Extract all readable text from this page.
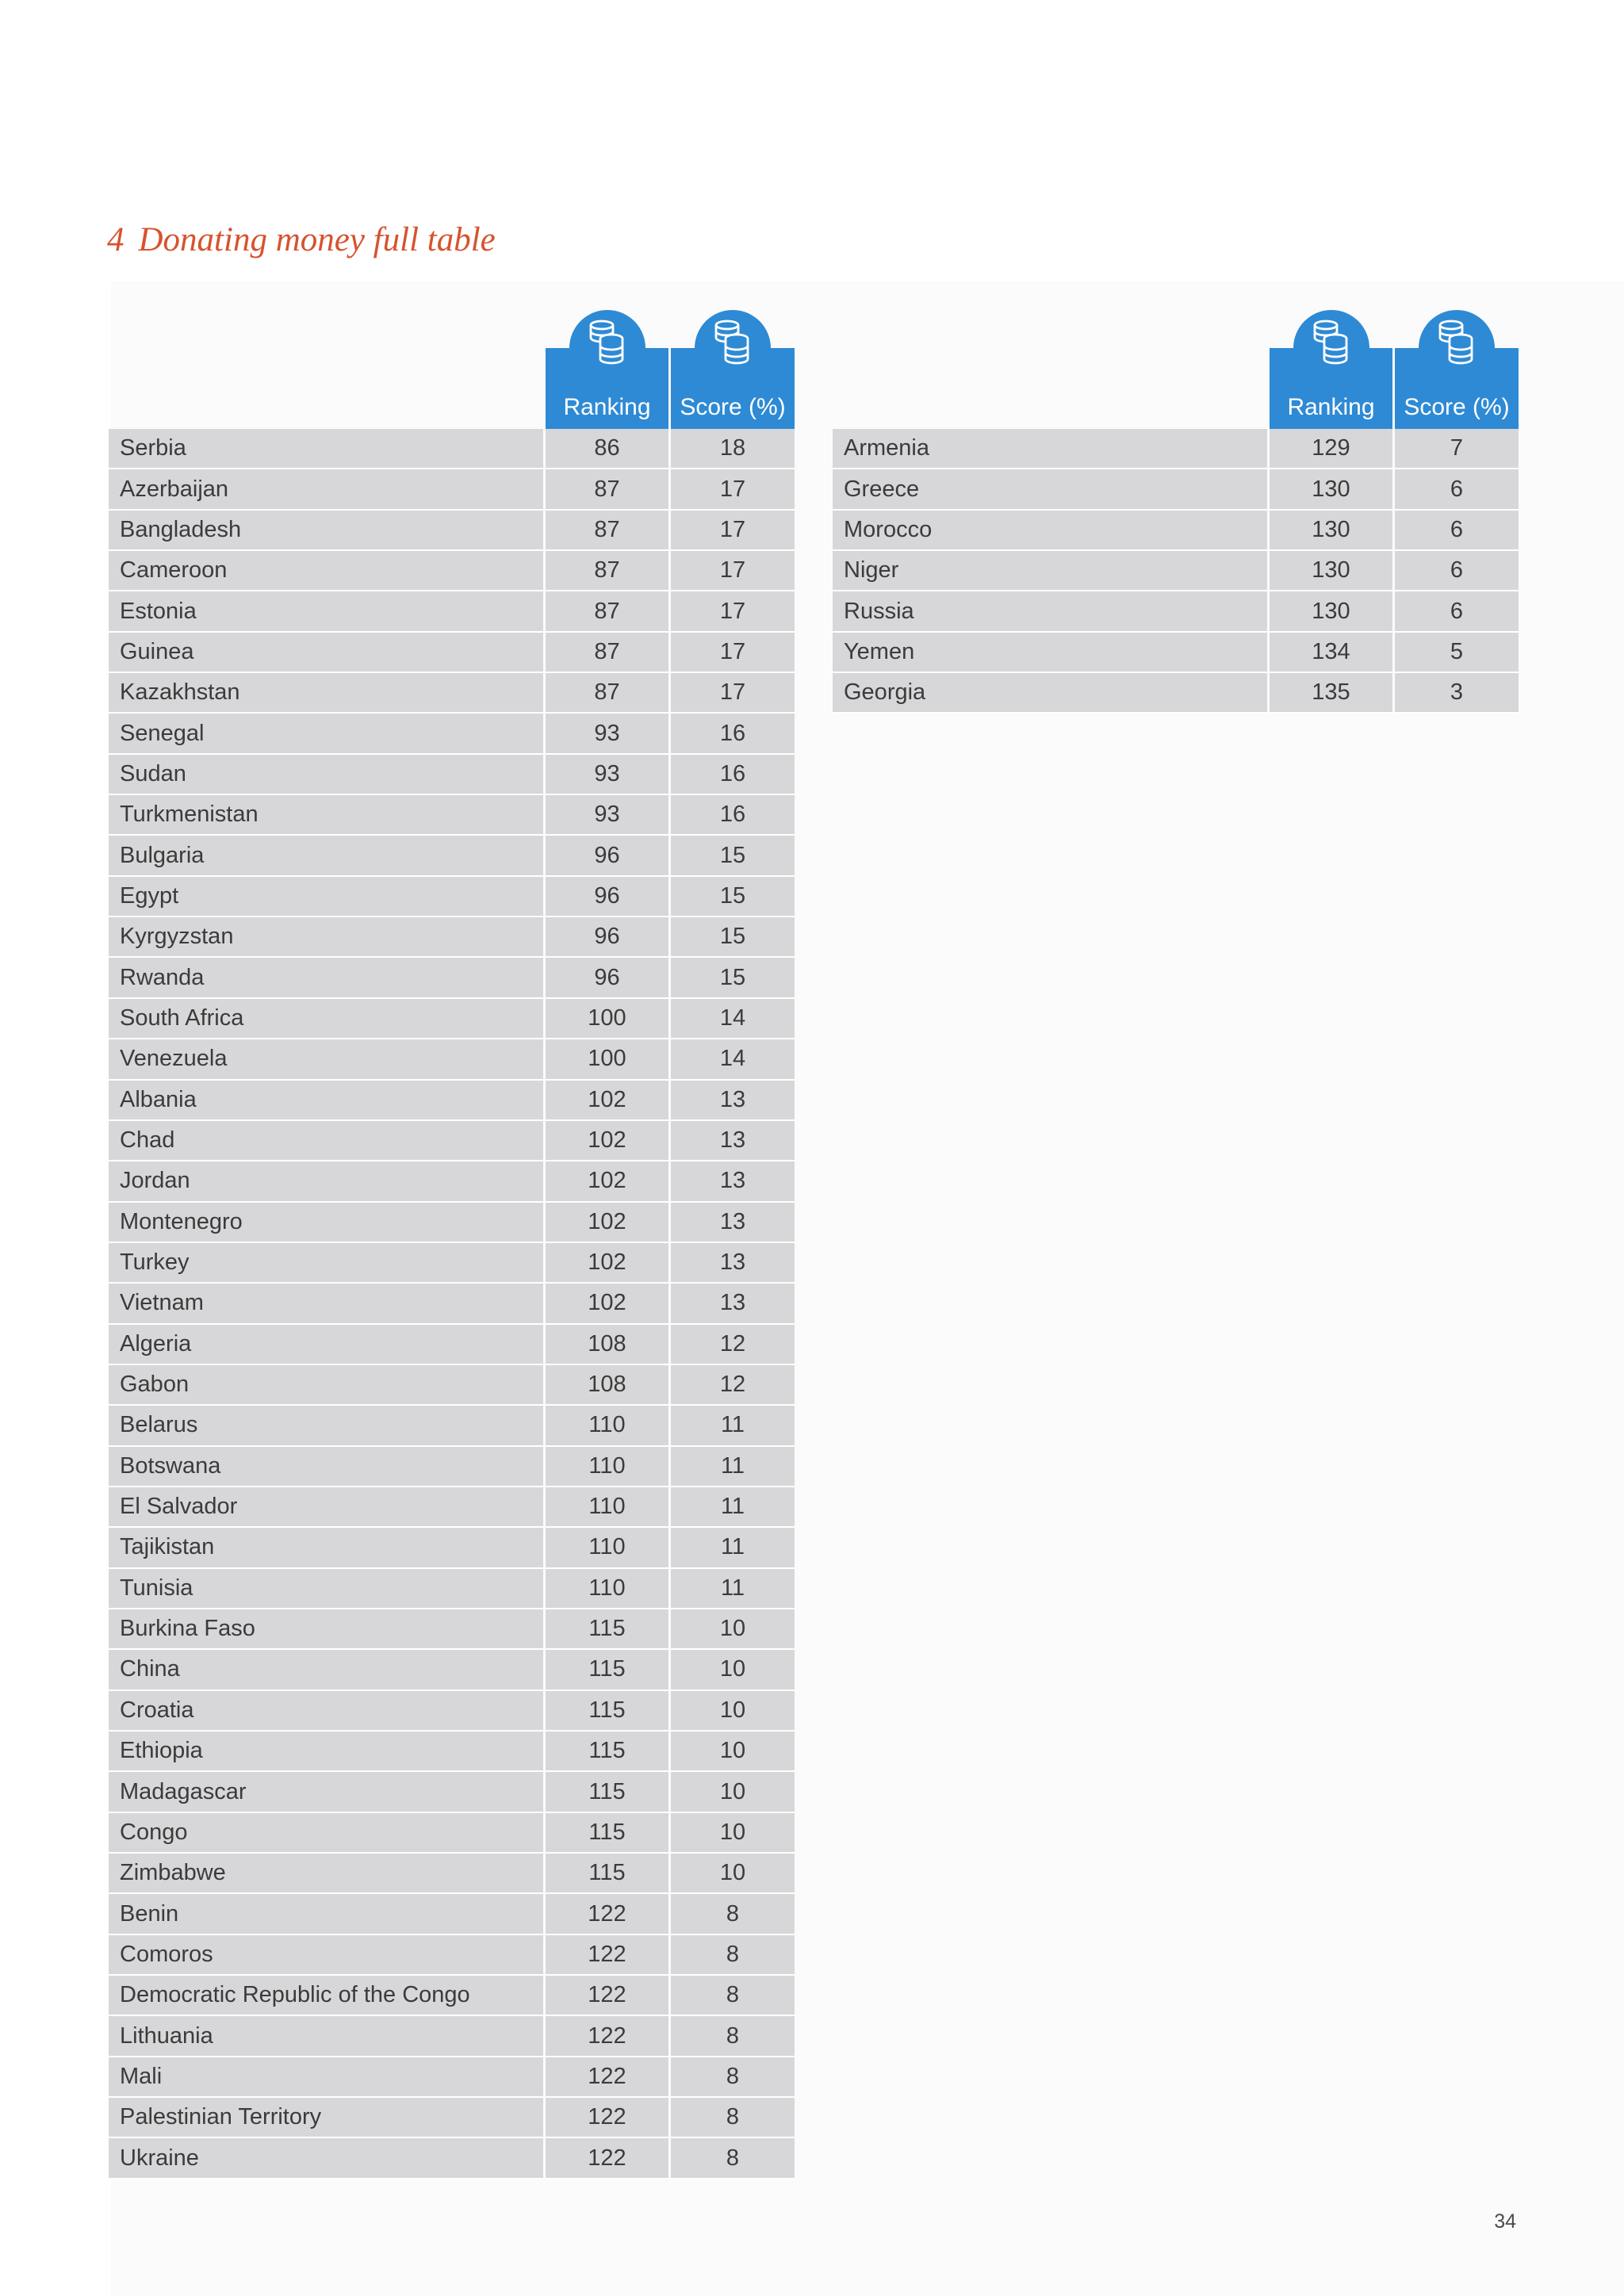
4 Donating money full table
Ranking	Score (%)
Serbia	86	18
Azerbaijan	87	17
Bangladesh	87	17
Cameroon	87	17
Estonia	87	17
Guinea	87	17
Kazakhstan	87	17
Senegal	93	16
Sudan	93	16
Turkmenistan	93	16
Bulgaria	96	15
Egypt	96	15
Kyrgyzstan	96	15
Rwanda	96	15
South Africa	100	14
Venezuela	100	14
Albania	102	13
Chad	102	13
Jordan	102	13
Montenegro	102	13
Turkey	102	13
Vietnam	102	13
Algeria	108	12
Gabon	108	12
Belarus	110	11
Botswana	110	11
El Salvador	110	11
Tajikistan	110	11
Tunisia	110	11
Burkina Faso	115	10
China	115	10
Croatia	115	10
Ethiopia	115	10
Madagascar	115	10
Congo	115	10
Zimbabwe	115	10
Benin	122	8
Comoros	122	8
Democratic Republic of the Congo	122	8
Lithuania	122	8
Mali	122	8
Palestinian Territory	122	8
Ukraine	122	8
Ranking	Score (%)
Armenia	129	7
Greece	130	6
Morocco	130	6
Niger	130	6
Russia	130	6
Yemen	134	5
Georgia	135	3
34
